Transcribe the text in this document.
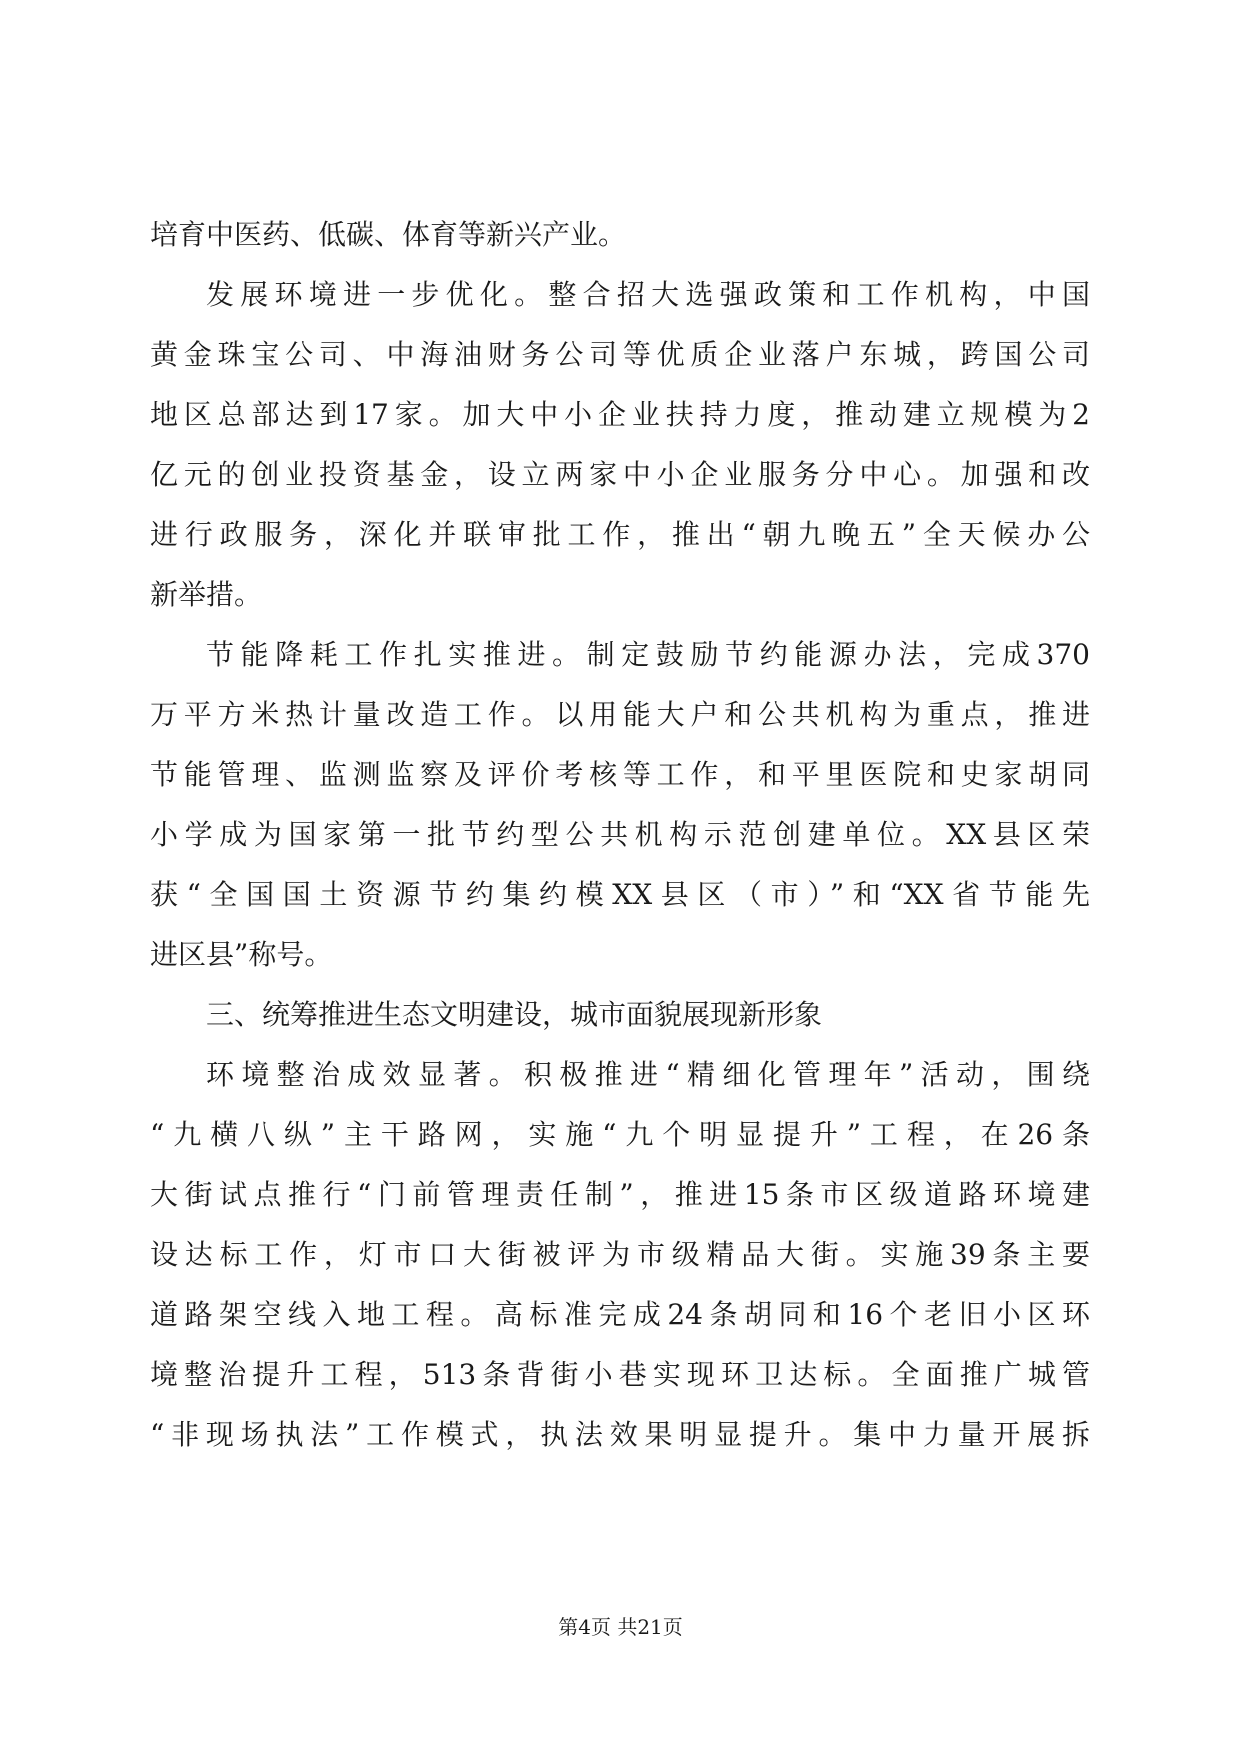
培育中医药、低碳、体育等新兴产业。
发展环境进一步优化。整合招大选强政策和工作机构，中国
黄金珠宝公司、中海油财务公司等优质企业落户东城，跨国公司
地区总部达到17家。加大中小企业扶持力度，推动建立规模为2
亿元的创业投资基金，设立两家中小企业服务分中心。加强和改
进行政服务，深化并联审批工作，推出“朝九晚五”全天候办公
新举措。
节能降耗工作扎实推进。制定鼓励节约能源办法，完成370
万平方米热计量改造工作。以用能大户和公共机构为重点，推进
节能管理、监测监察及评价考核等工作，和平里医院和史家胡同
小学成为国家第一批节约型公共机构示范创建单位。XX县区荣
获“全国国土资源节约集约模XX县区（市）”和“XX省节能先
进区县”称号。
三、统筹推进生态文明建设，城市面貌展现新形象
环境整治成效显著。积极推进“精细化管理年”活动，围绕
“九横八纵”主干路网，实施“九个明显提升”工程，在26条
大街试点推行“门前管理责任制”，推进15条市区级道路环境建
设达标工作，灯市口大街被评为市级精品大街。实施39条主要
道路架空线入地工程。高标准完成24条胡同和16个老旧小区环
境整治提升工程，513条背街小巷实现环卫达标。全面推广城管
“非现场执法”工作模式，执法效果明显提升。集中力量开展拆
第4页 共21页
